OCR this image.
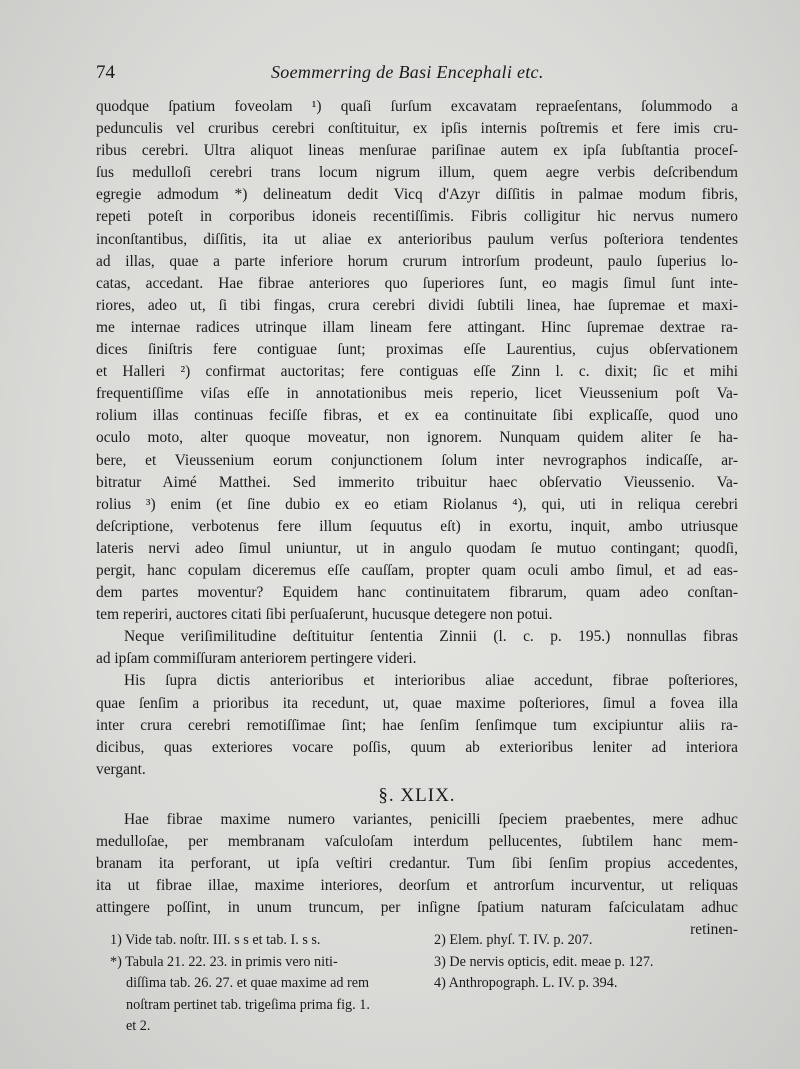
74	Soemmerring de Basi Encephali etc.
quodque ſpatium foveolam ¹) quaſi ſurſum excavatam repraeſentans, ſolummodo a
pedunculis vel cruribus cerebri conſtituitur, ex ipſis internis poſtremis et fere imis cru-
ribus cerebri. Ultra aliquot lineas menſurae pariſinae autem ex ipſa ſubſtantia proceſ-
ſus medulloſi cerebri trans locum nigrum illum, quem aegre verbis deſcribendum
egregie admodum *) delineatum dedit Vicq d'Azyr diſſitis in palmae modum fibris,
repeti poteſt in corporibus idoneis recentiſſimis. Fibris colligitur hic nervus numero
inconſtantibus, diſſitis, ita ut aliae ex anterioribus paulum verſus poſteriora tendentes
ad illas, quae a parte inferiore horum crurum introrſum prodeunt, paulo ſuperius lo-
catas, accedant. Hae fibrae anteriores quo ſuperiores ſunt, eo magis ſimul ſunt inte-
riores, adeo ut, ſi tibi fingas, crura cerebri dividi ſubtili linea, hae ſupremae et maxi-
me internae radices utrinque illam lineam fere attingant. Hinc ſupremae dextrae ra-
dices ſiniſtris fere contiguae ſunt; proximas eſſe Laurentius, cujus obſervationem
et Halleri ²) confirmat auctoritas; fere contiguas eſſe Zinn l. c. dixit; ſic et mihi
frequentiſſime viſas eſſe in annotationibus meis reperio, licet Vieussenium poſt Va-
rolium illas continuas feciſſe fibras, et ex ea continuitate ſibi explicaſſe, quod uno
oculo moto, alter quoque moveatur, non ignorem. Nunquam quidem aliter ſe ha-
bere, et Vieussenium eorum conjunctionem ſolum inter nevrographos indicaſſe, ar-
bitratur Aimé Matthei. Sed immerito tribuitur haec obſervatio Vieussenio. Va-
rolius ³) enim (et ſine dubio ex eo etiam Riolanus ⁴), qui, uti in reliqua cerebri
deſcriptione, verbotenus fere illum ſequutus eſt) in exortu, inquit, ambo utriusque
lateris nervi adeo ſimul uniuntur, ut in angulo quodam ſe mutuo contingant; quodſi,
pergit, hanc copulam diceremus eſſe cauſſam, propter quam oculi ambo ſimul, et ad eas-
dem partes moventur? Equidem hanc continuitatem fibrarum, quam adeo conſtan-
tem reperiri, auctores citati ſibi perſuaſerunt, hucusque detegere non potui.
Neque veriſimilitudine deſtituitur ſententia Zinnii (l. c. p. 195.) nonnullas fibras
ad ipſam commiſſuram anteriorem pertingere videri.
His ſupra dictis anterioribus et interioribus aliae accedunt, fibrae poſteriores,
quae ſenſim a prioribus ita recedunt, ut, quae maxime poſteriores, ſimul a fovea illa
inter crura cerebri remotiſſimae ſint; hae ſenſim ſenſimque tum excipiuntur aliis ra-
dicibus, quas exteriores vocare poſſis, quum ab exterioribus leniter ad interiora
vergant.
§. XLIX.
Hae fibrae maxime numero variantes, penicilli ſpeciem praebentes, mere adhuc
medulloſae, per membranam vaſculoſam interdum pellucentes, ſubtilem hanc mem-
branam ita perforant, ut ipſa veſtiri credantur. Tum ſibi ſenſim propius accedentes,
ita ut fibrae illae, maxime interiores, deorſum et antrorſum incurventur, ut reliquas
attingere poſſint, in unum truncum, per inſigne ſpatium naturam faſciculatam adhuc
retinen-
1) Vide tab. noſtr. III. s s et tab. I. s s.
*) Tabula 21. 22. 23. in primis vero niti-
diſſima tab. 26. 27. et quae maxime ad rem
noſtram pertinet tab. trigeſima prima fig. 1.
et 2.
2) Elem. phyſ. T. IV. p. 207.
3) De nervis opticis, edit. meae p. 127.
4) Anthropograph. L. IV. p. 394.
